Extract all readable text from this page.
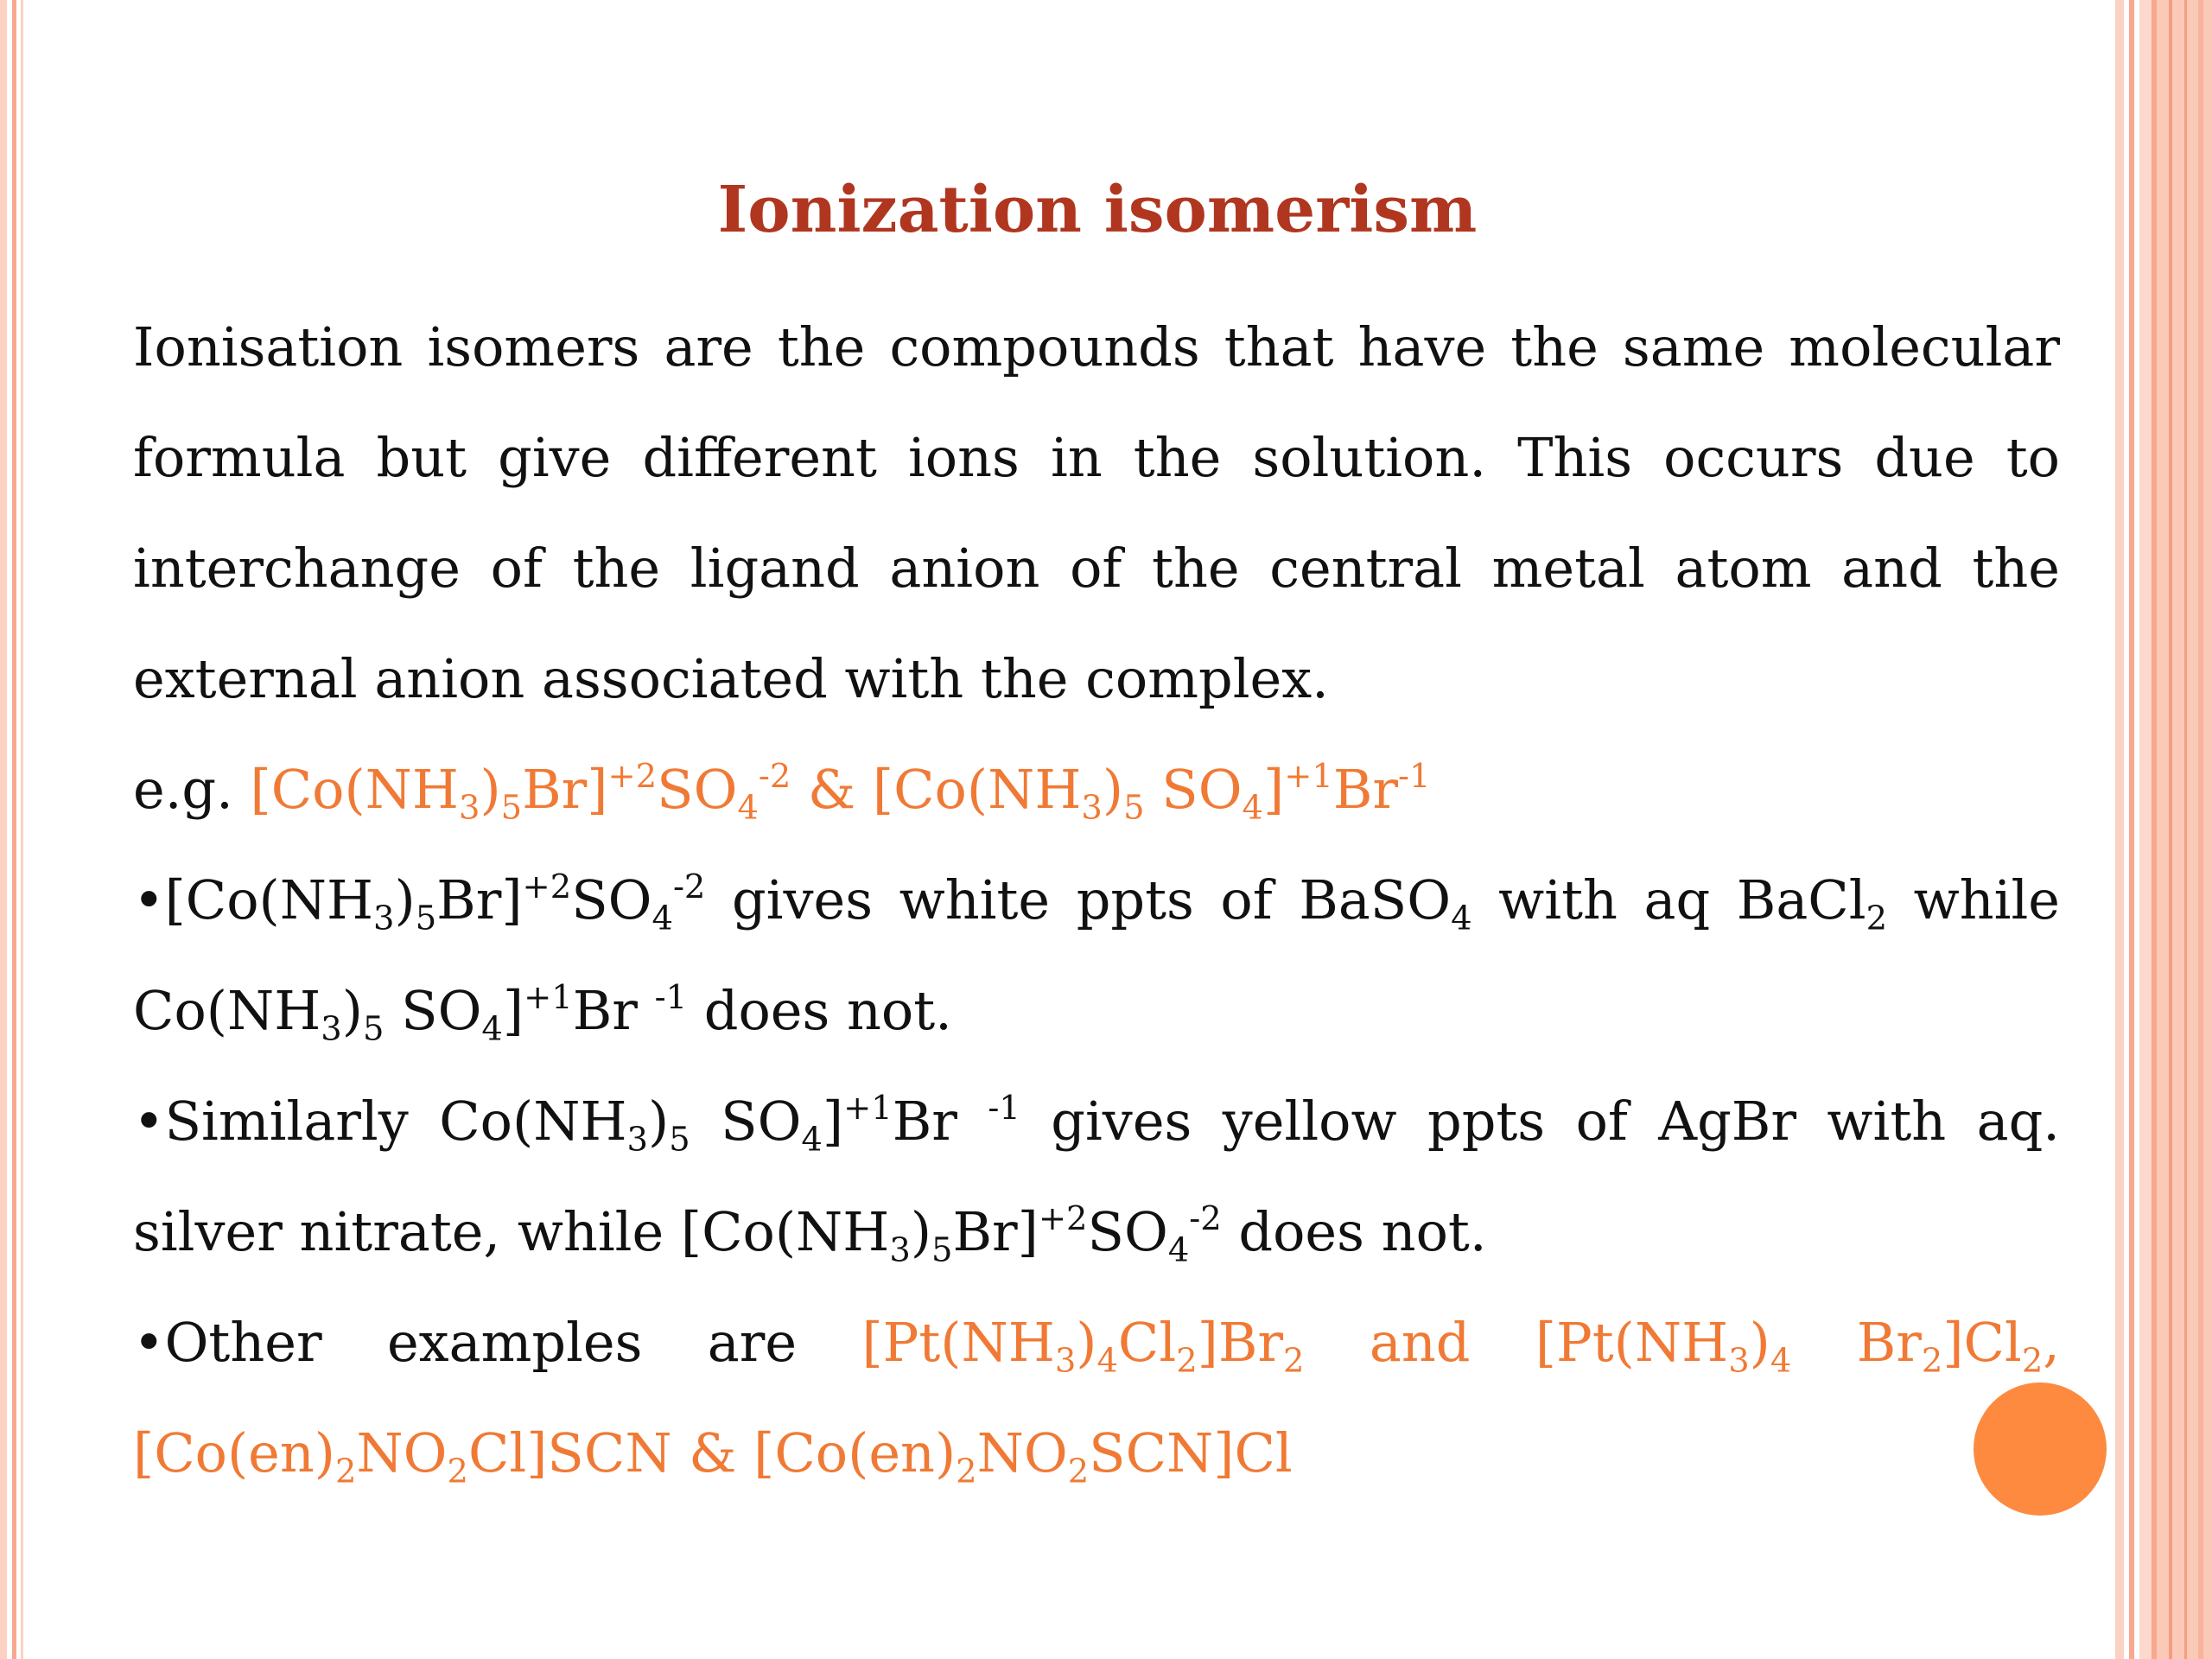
Ionization isomerism

Ionisation isomers are the compounds that have the same molecular formula but give different ions in the solution. This occurs due to interchange of the ligand anion of the central metal atom and the external anion associated with the complex.

e.g. $[Co(NH_3)_5Br]^{+2}SO_4^{-2}$ & [$Co(NH_3)_5$ $SO_4]^{+1}Br^{-1}$

$•[Co(NH_3)_5Br]^{+2}SO_4^{-2}$ gives white ppts of BaSO$_4$ with aq BaCl$_2$ while $Co(NH_3)_5$ $SO_4]^{+1}Br$ $^{-1}$ does not.

•Similarly $Co(NH_3)_5$ $SO_4]^{+1}Br$ $^{-1}$ gives yellow ppts of AgBr with aq. silver nitrate, while $[Co(NH_3)_5Br]^{+2}SO_4^{-2}$ does not.

•Other examples are $[Pt(NH_3)_4Cl_2]Br_2$ and [$Pt(NH_3)_4$ $Br_2]Cl_2$, $[Co(en)_2NO_2Cl]SCN$ & $[Co(en)_2NO_2SCN]Cl$
